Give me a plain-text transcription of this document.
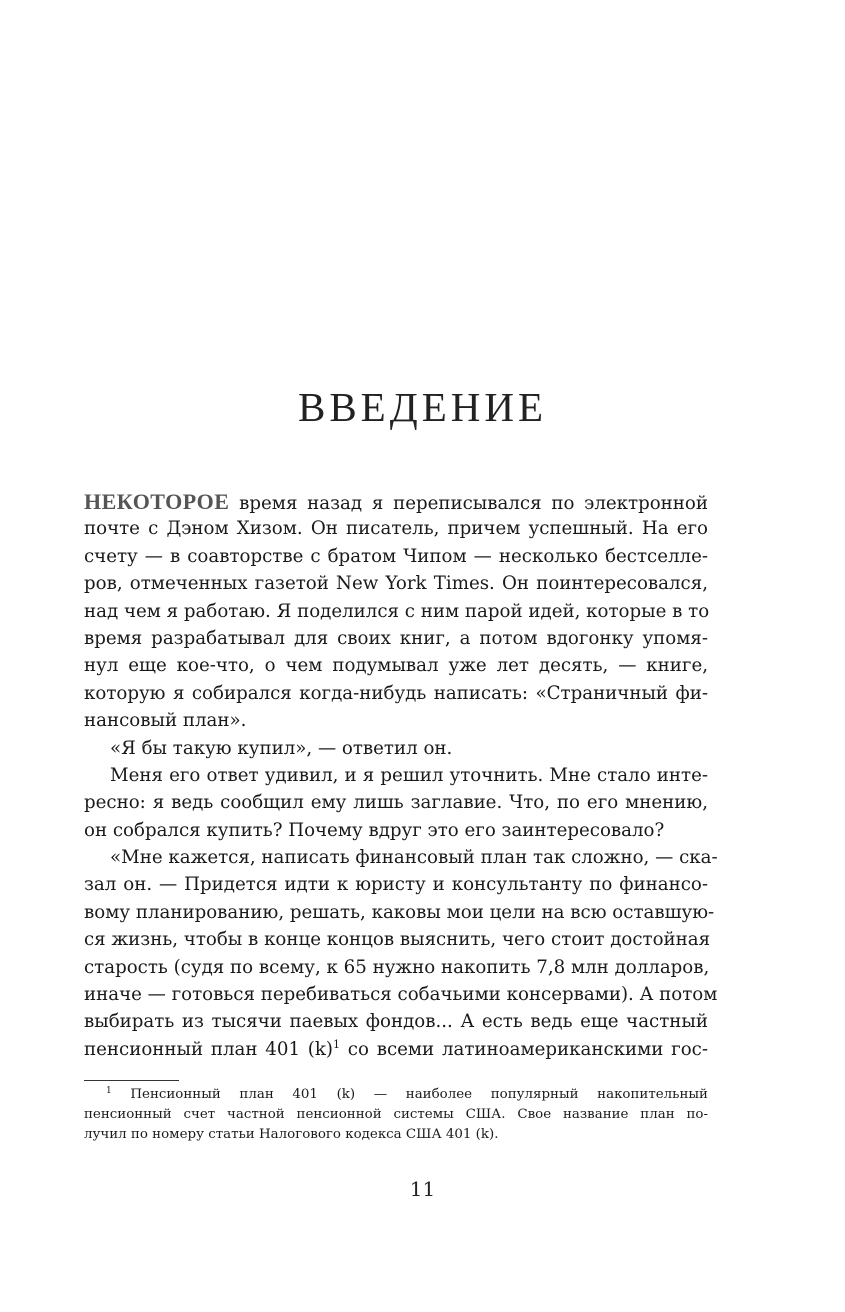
ВВЕДЕНИЕ
НЕКОТОРОЕ время назад я переписывался по электронной
почте с Дэном Хизом. Он писатель, причем успешный. На его
счету — в соавторстве с братом Чипом — несколько бестселле-
ров, отмеченных газетой New York Times. Он поинтересовался,
над чем я работаю. Я поделился с ним парой идей, которые в то
время разрабатывал для своих книг, а потом вдогонку упомя-
нул еще кое-что, о чем подумывал уже лет десять, — книге,
которую я собирался когда-нибудь написать: «Страничный фи-
нансовый план».
«Я бы такую купил», — ответил он.
Меня его ответ удивил, и я решил уточнить. Мне стало инте-
ресно: я ведь сообщил ему лишь заглавие. Что, по его мнению,
он собрался купить? Почему вдруг это его заинтересовало?
«Мне кажется, написать финансовый план так сложно, — ска-
зал он. — Придется идти к юристу и консультанту по финансо-
вому планированию, решать, каковы мои цели на всю оставшую-
ся жизнь, чтобы в конце концов выяснить, чего стоит достойная
старость (судя по всему, к 65 нужно накопить 7,8 млн долларов,
иначе — готовься перебиваться собачьими консервами). А потом
выбирать из тысячи паевых фондов... А есть ведь еще частный
пенсионный план 401 $(k)^1$ со всеми латиноамериканскими гос-
$^1$ Пенсионный план 401 (k) — наиболее популярный накопительный
пенсионный счет частной пенсионной системы США. Свое название план по-
лучил по номеру статьи Налогового кодекса США 401 (k).
11
